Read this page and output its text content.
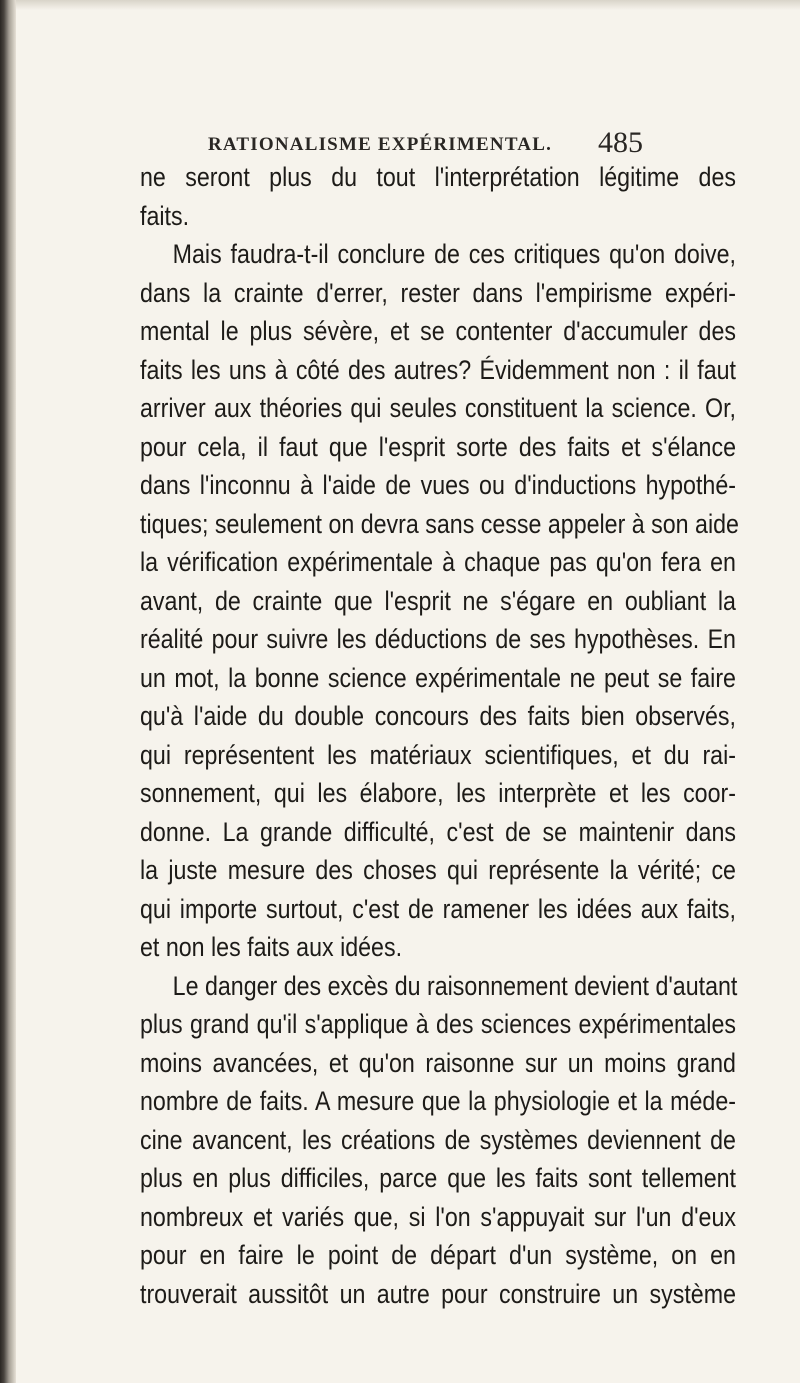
RATIONALISME EXPÉRIMENTAL. 485
ne seront plus du tout l'interprétation légitime des
faits.
Mais faudra-t-il conclure de ces critiques qu'on doive,
dans la crainte d'errer, rester dans l'empirisme expéri-
mental le plus sévère, et se contenter d'accumuler des
faits les uns à côté des autres? Évidemment non : il faut
arriver aux théories qui seules constituent la science. Or,
pour cela, il faut que l'esprit sorte des faits et s'élance
dans l'inconnu à l'aide de vues ou d'inductions hypothé-
tiques; seulement on devra sans cesse appeler à son aide
la vérification expérimentale à chaque pas qu'on fera en
avant, de crainte que l'esprit ne s'égare en oubliant la
réalité pour suivre les déductions de ses hypothèses. En
un mot, la bonne science expérimentale ne peut se faire
qu'à l'aide du double concours des faits bien observés,
qui représentent les matériaux scientifiques, et du rai-
sonnement, qui les élabore, les interprète et les coor-
donne. La grande difficulté, c'est de se maintenir dans
la juste mesure des choses qui représente la vérité; ce
qui importe surtout, c'est de ramener les idées aux faits,
et non les faits aux idées.
Le danger des excès du raisonnement devient d'autant
plus grand qu'il s'applique à des sciences expérimentales
moins avancées, et qu'on raisonne sur un moins grand
nombre de faits. A mesure que la physiologie et la méde-
cine avancent, les créations de systèmes deviennent de
plus en plus difficiles, parce que les faits sont tellement
nombreux et variés que, si l'on s'appuyait sur l'un d'eux
pour en faire le point de départ d'un système, on en
trouverait aussitôt un autre pour construire un système
